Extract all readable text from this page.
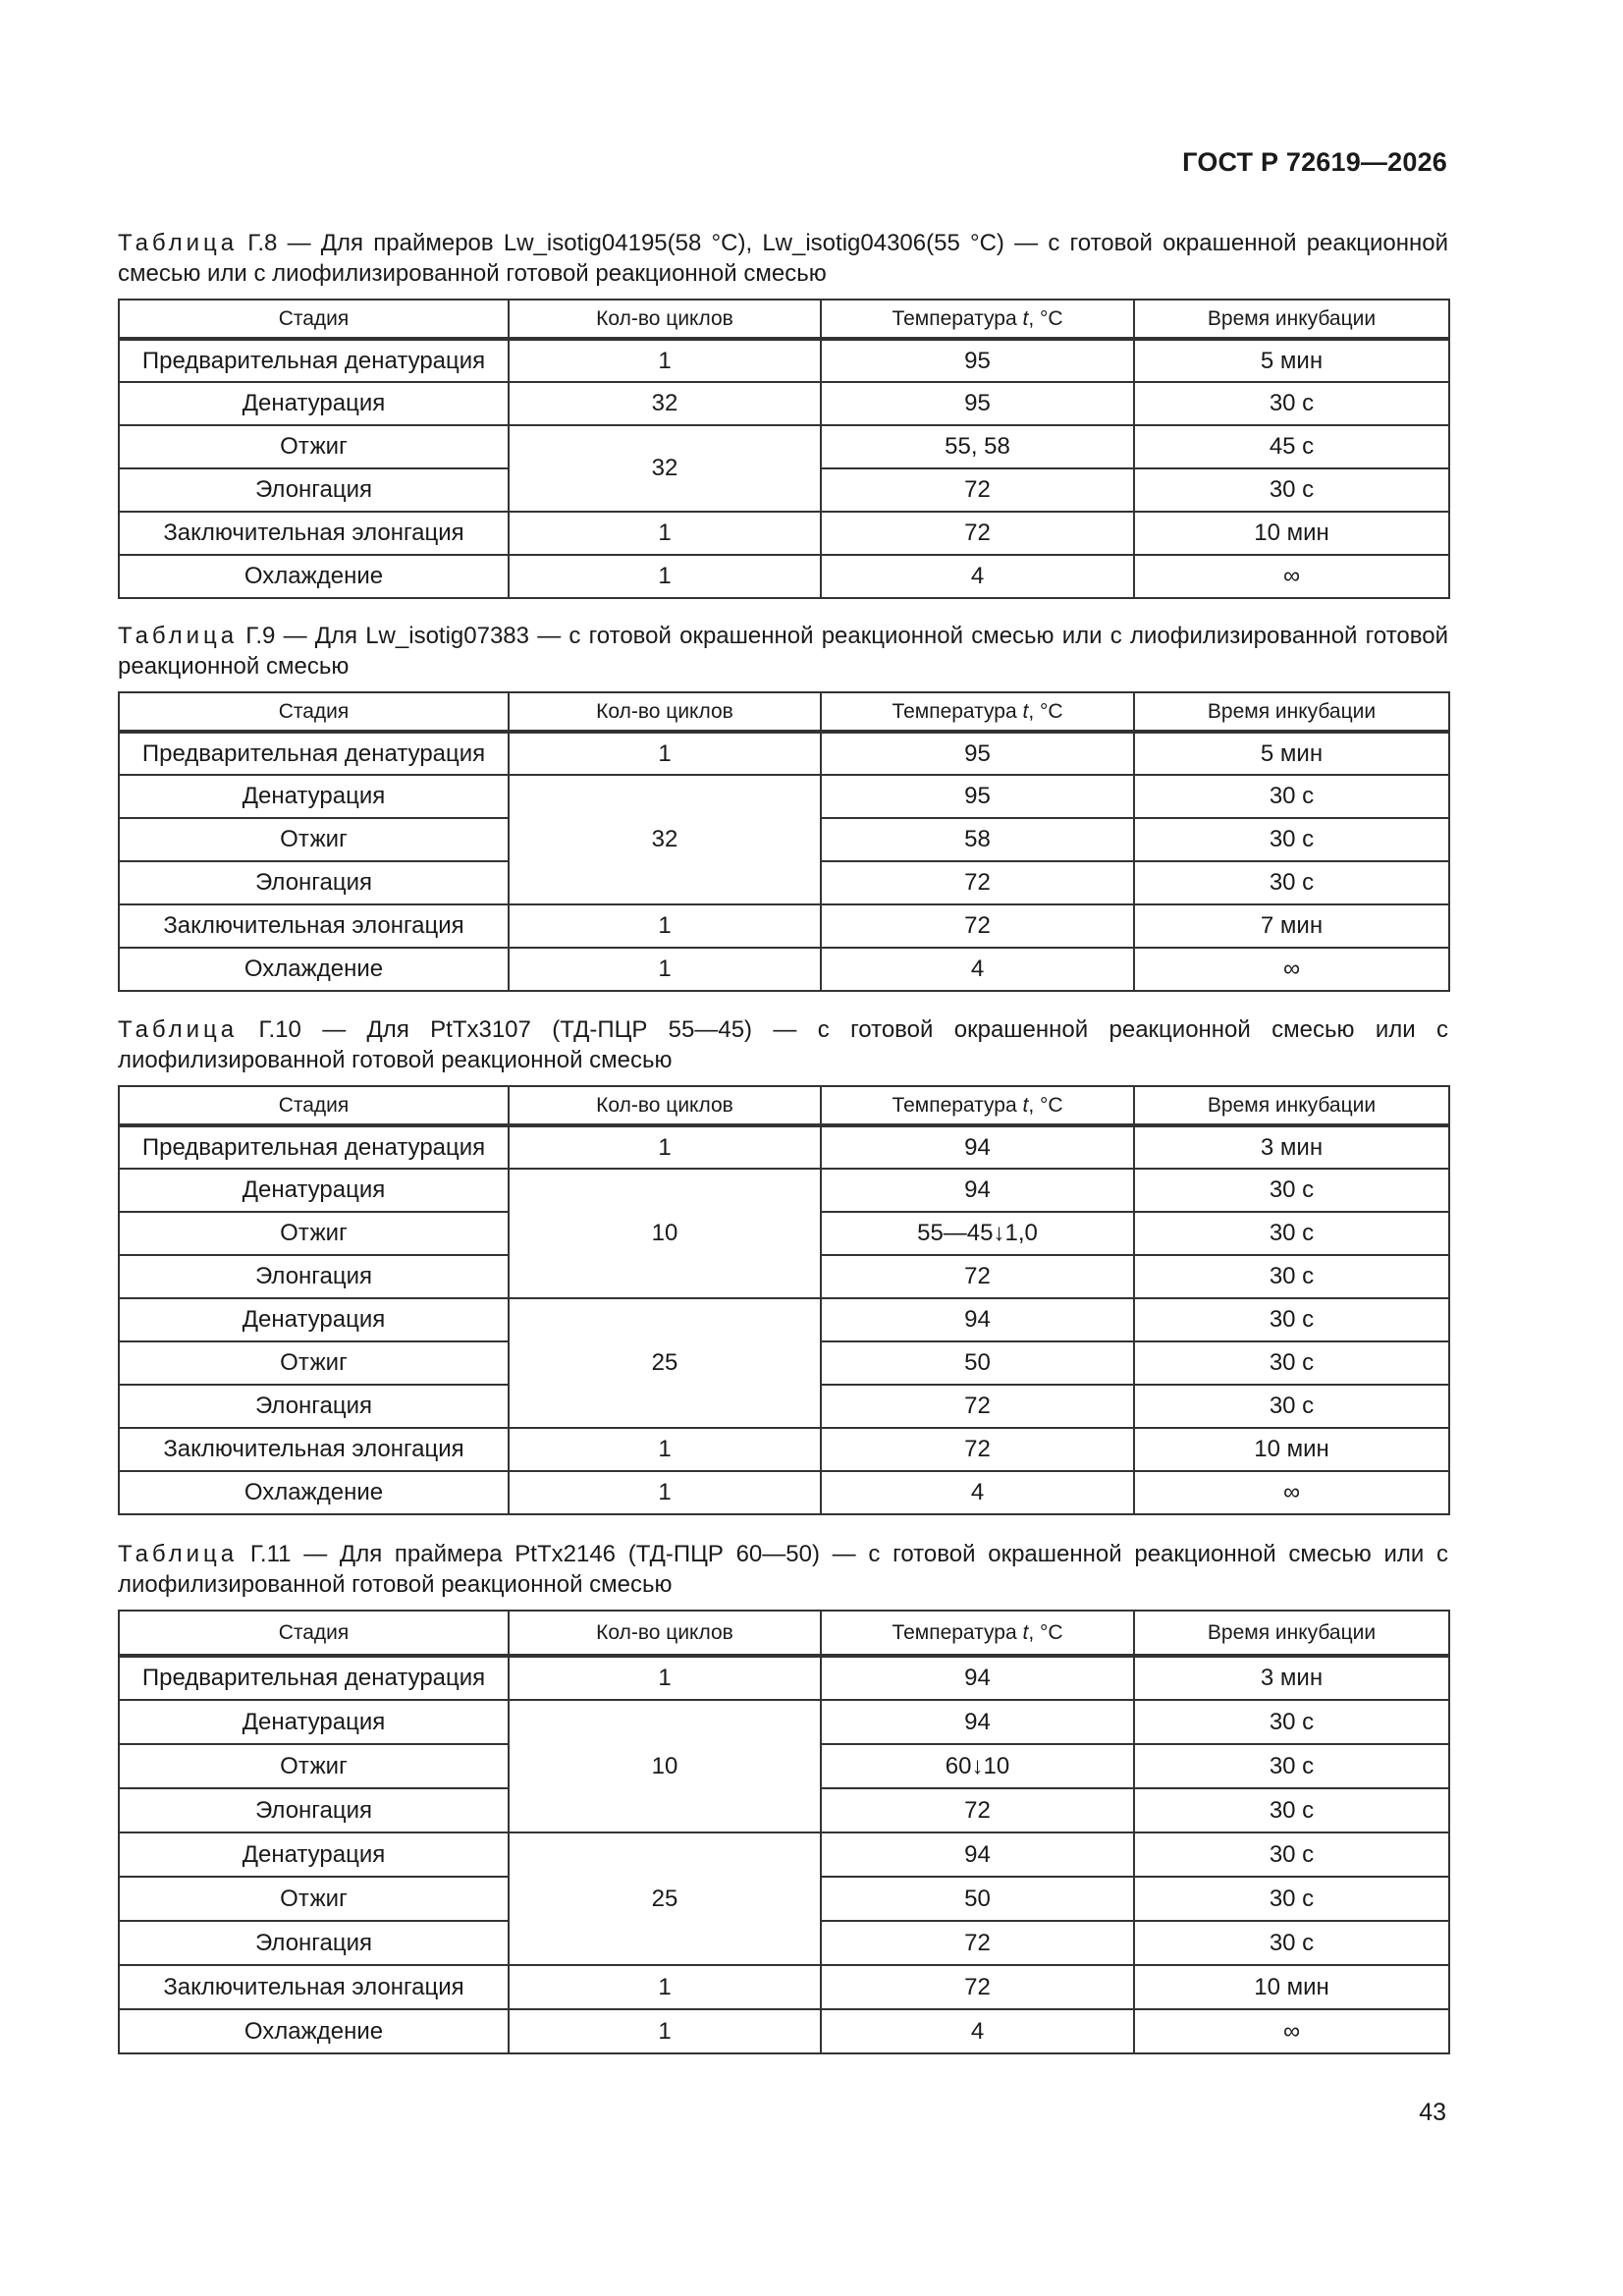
ГОСТ Р 72619—2026

Таблица Г.8 — Для праймеров Lw_isotig04195(58 °С), Lw_isotig04306(55 °С) — с готовой окрашенной реакционной смесью или с лиофилизированной готовой реакционной смесью

Стадия	Кол-во циклов	Температура t, °С	Время инкубации
Предварительная денатурация	1	95	5 мин
Денатурация	32	95	30 с
Отжиг	32	55, 58	45 с
Элонгация		72	30 с
Заключительная элонгация	1	72	10 мин
Охлаждение	1	4	∞

Таблица Г.9 — Для Lw_isotig07383 — с готовой окрашенной реакционной смесью или с лиофилизированной готовой реакционной смесью

Стадия	Кол-во циклов	Температура t, °С	Время инкубации
Предварительная денатурация	1	95	5 мин
Денатурация	32	95	30 с
Отжиг		58	30 с
Элонгация		72	30 с
Заключительная элонгация	1	72	7 мин
Охлаждение	1	4	∞

Таблица Г.10 — Для PtTx3107 (ТД-ПЦР 55—45) — с готовой окрашенной реакционной смесью или с лиофилизированной готовой реакционной смесью

Стадия	Кол-во циклов	Температура t, °С	Время инкубации
Предварительная денатурация	1	94	3 мин
Денатурация	10	94	30 с
Отжиг		55—45↓1,0	30 с
Элонгация		72	30 с
Денатурация	25	94	30 с
Отжиг		50	30 с
Элонгация		72	30 с
Заключительная элонгация	1	72	10 мин
Охлаждение	1	4	∞

Таблица Г.11 — Для праймера PtTx2146 (ТД-ПЦР 60—50) — с готовой окрашенной реакционной смесью или с лиофилизированной готовой реакционной смесью

Стадия	Кол-во циклов	Температура t, °С	Время инкубации
Предварительная денатурация	1	94	3 мин
Денатурация	10	94	30 с
Отжиг		60↓10	30 с
Элонгация		72	30 с
Денатурация	25	94	30 с
Отжиг		50	30 с
Элонгация		72	30 с
Заключительная элонгация	1	72	10 мин
Охлаждение	1	4	∞
43
